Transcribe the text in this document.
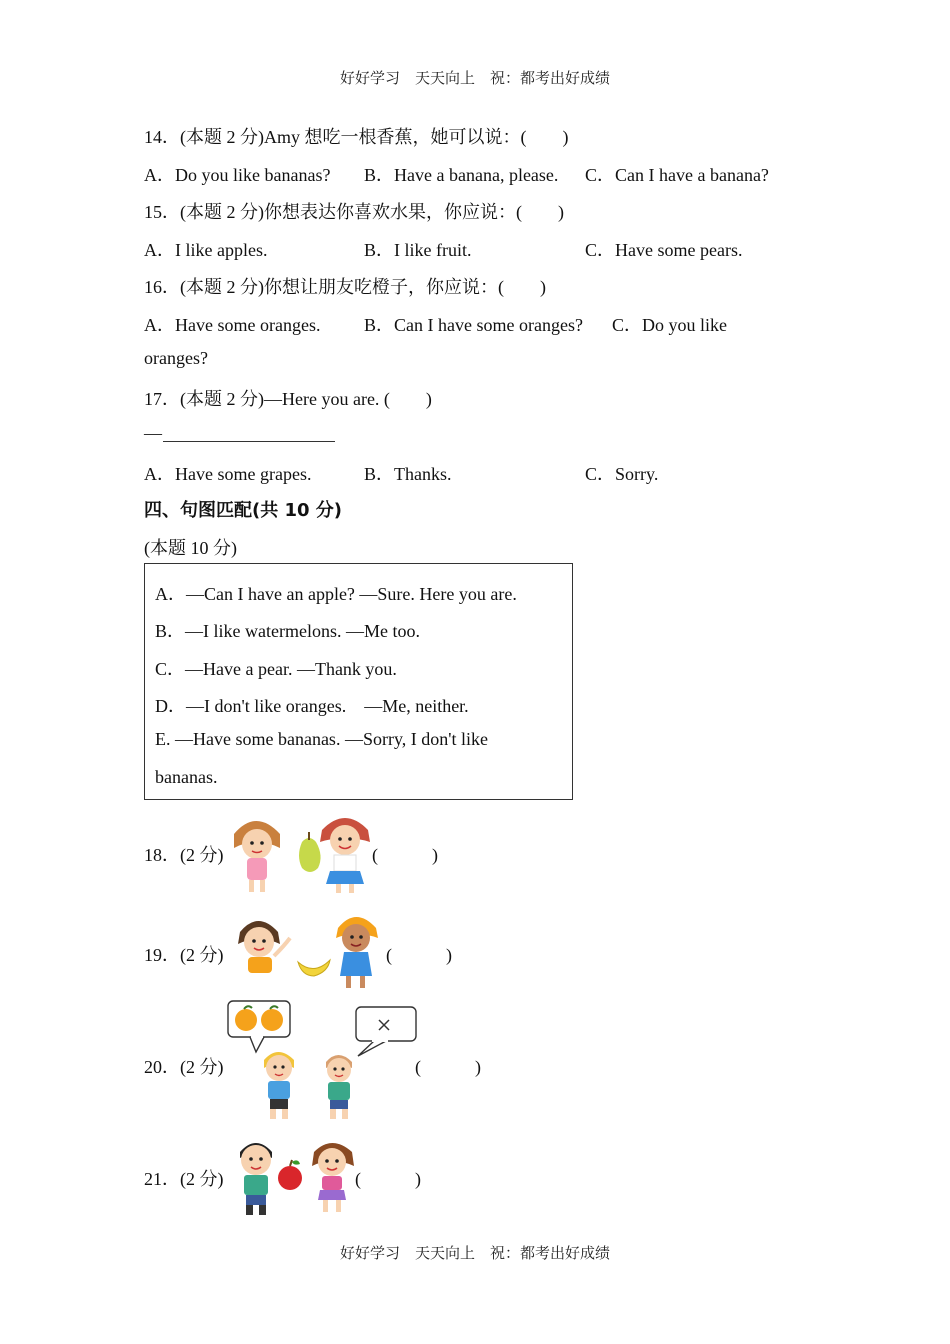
好好学习　天天向上　祝：都考出好成绩
14．(本题 2 分)Amy 想吃一根香蕉，她可以说：(　　)
A．Do you like bananas? B．Have a banana, please. C．Can I have a banana?
15．(本题 2 分)你想表达你喜欢水果，你应说：(　　)
A．I like apples.	B．I like fruit.	C．Have some pears.
16．(本题 2 分)你想让朋友吃橙子，你应说：(　　)
A．Have some oranges. B．Can I have some oranges? C．Do you like
oranges?
17．(本题 2 分)—Here you are. (　　)
—
A．Have some grapes.	B．Thanks.	C．Sorry.
四、句图匹配(共 10 分)
(本题 10 分)
A．—Can I have an apple? —Sure. Here you are.
B．—I like watermelons. —Me too.
C．—Have a pear. —Thank you.
D．—I don't like oranges.　—Me, neither.
E. —Have some bananas. —Sorry, I don't like
bananas.
18．(2 分)	(　　　)
19．(2 分)	(　　　)
20．(2 分)	(　　　)
21．(2 分)	(　　　)
好好学习　天天向上　祝：都考出好成绩
